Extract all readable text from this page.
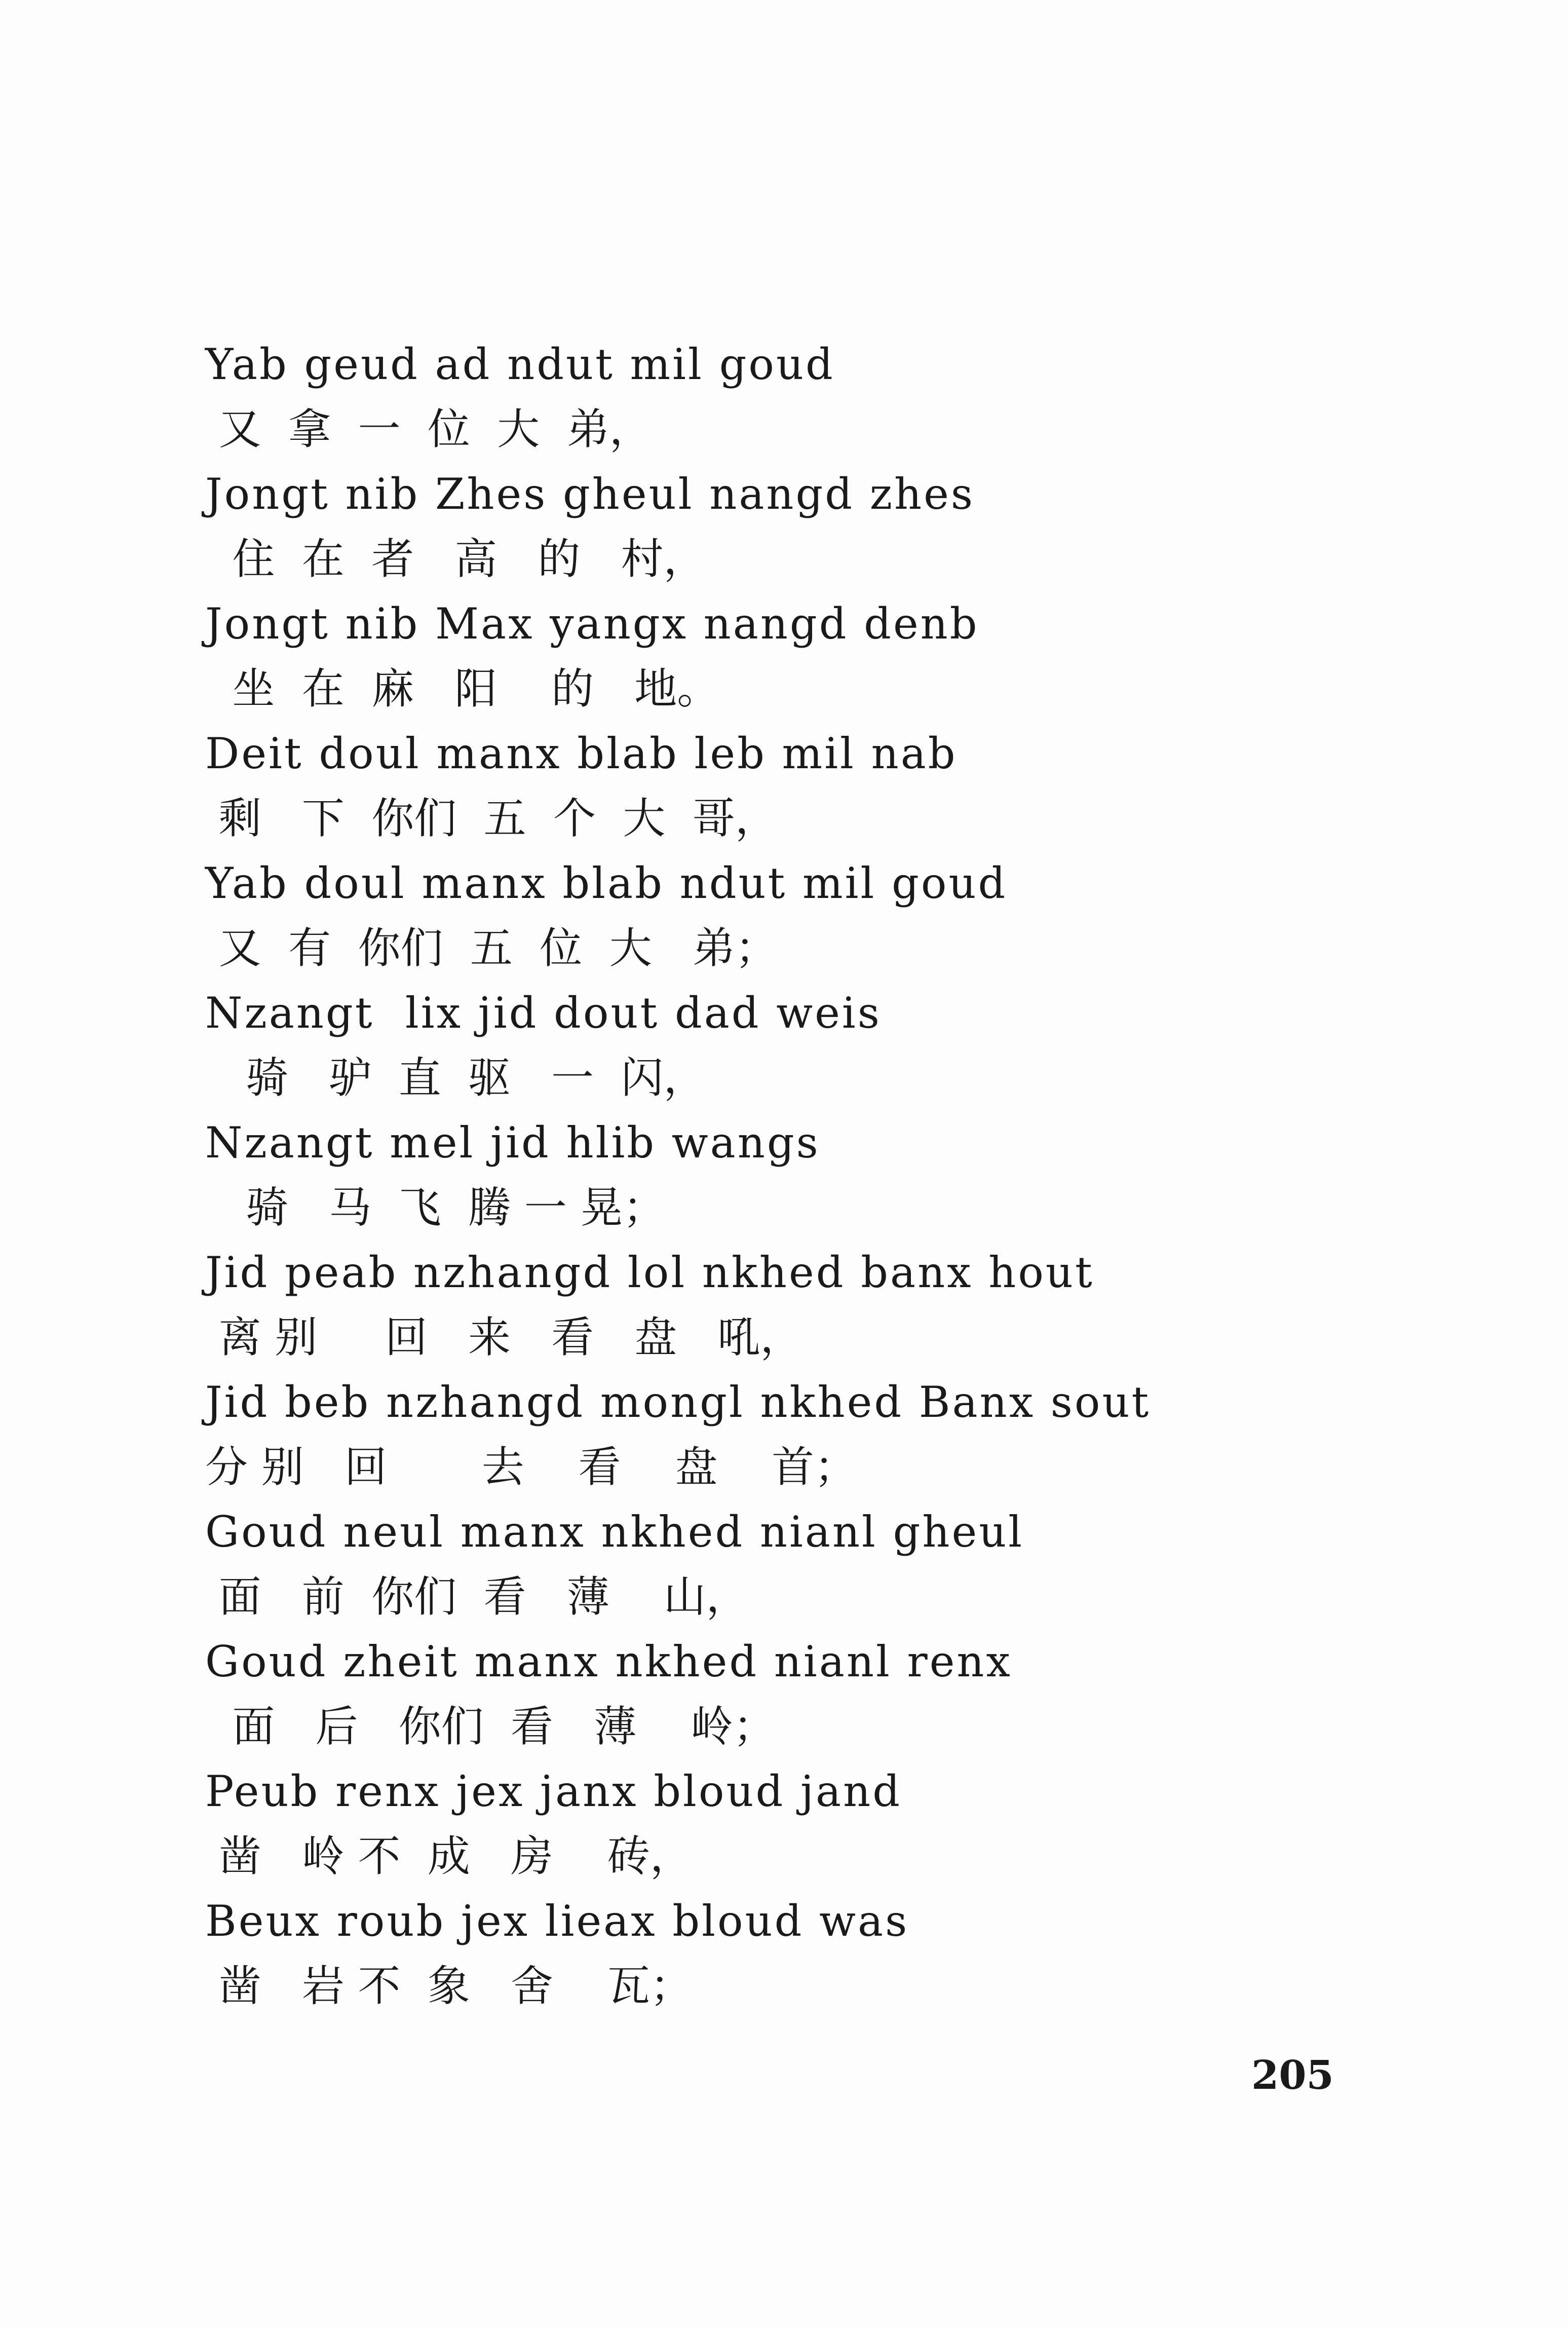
Yab geud ad ndut mil goud
又  拿  一  位  大  弟，
Jongt nib Zhes gheul nangd zhes
住  在  者   高   的   村，
Jongt nib Max yangx nangd denb
坐  在  麻   阳    的   地。
Deit doul manx blab leb mil nab
剩   下  你们  五  个  大  哥，
Yab doul manx blab ndut mil goud
又  有  你们  五  位  大   弟；
Nzangt  lix jid dout dad weis
骑   驴  直  驱   一  闪，
Nzangt mel jid hlib wangs
骑   马  飞  腾 一 晃；
Jid peab nzhangd lol nkhed banx hout
离 别     回   来   看   盘   吼，
Jid beb nzhangd mongl nkhed Banx sout
分 别   回       去    看    盘    首；
Goud neul manx nkhed nianl gheul
面   前  你们  看   薄    山，
Goud zheit manx nkhed nianl renx
面   后   你们  看   薄    岭；
Peub renx jex janx bloud jand
凿   岭 不  成   房    砖，
Beux roub jex lieax bloud was
凿   岩 不  象   舍    瓦；
205
